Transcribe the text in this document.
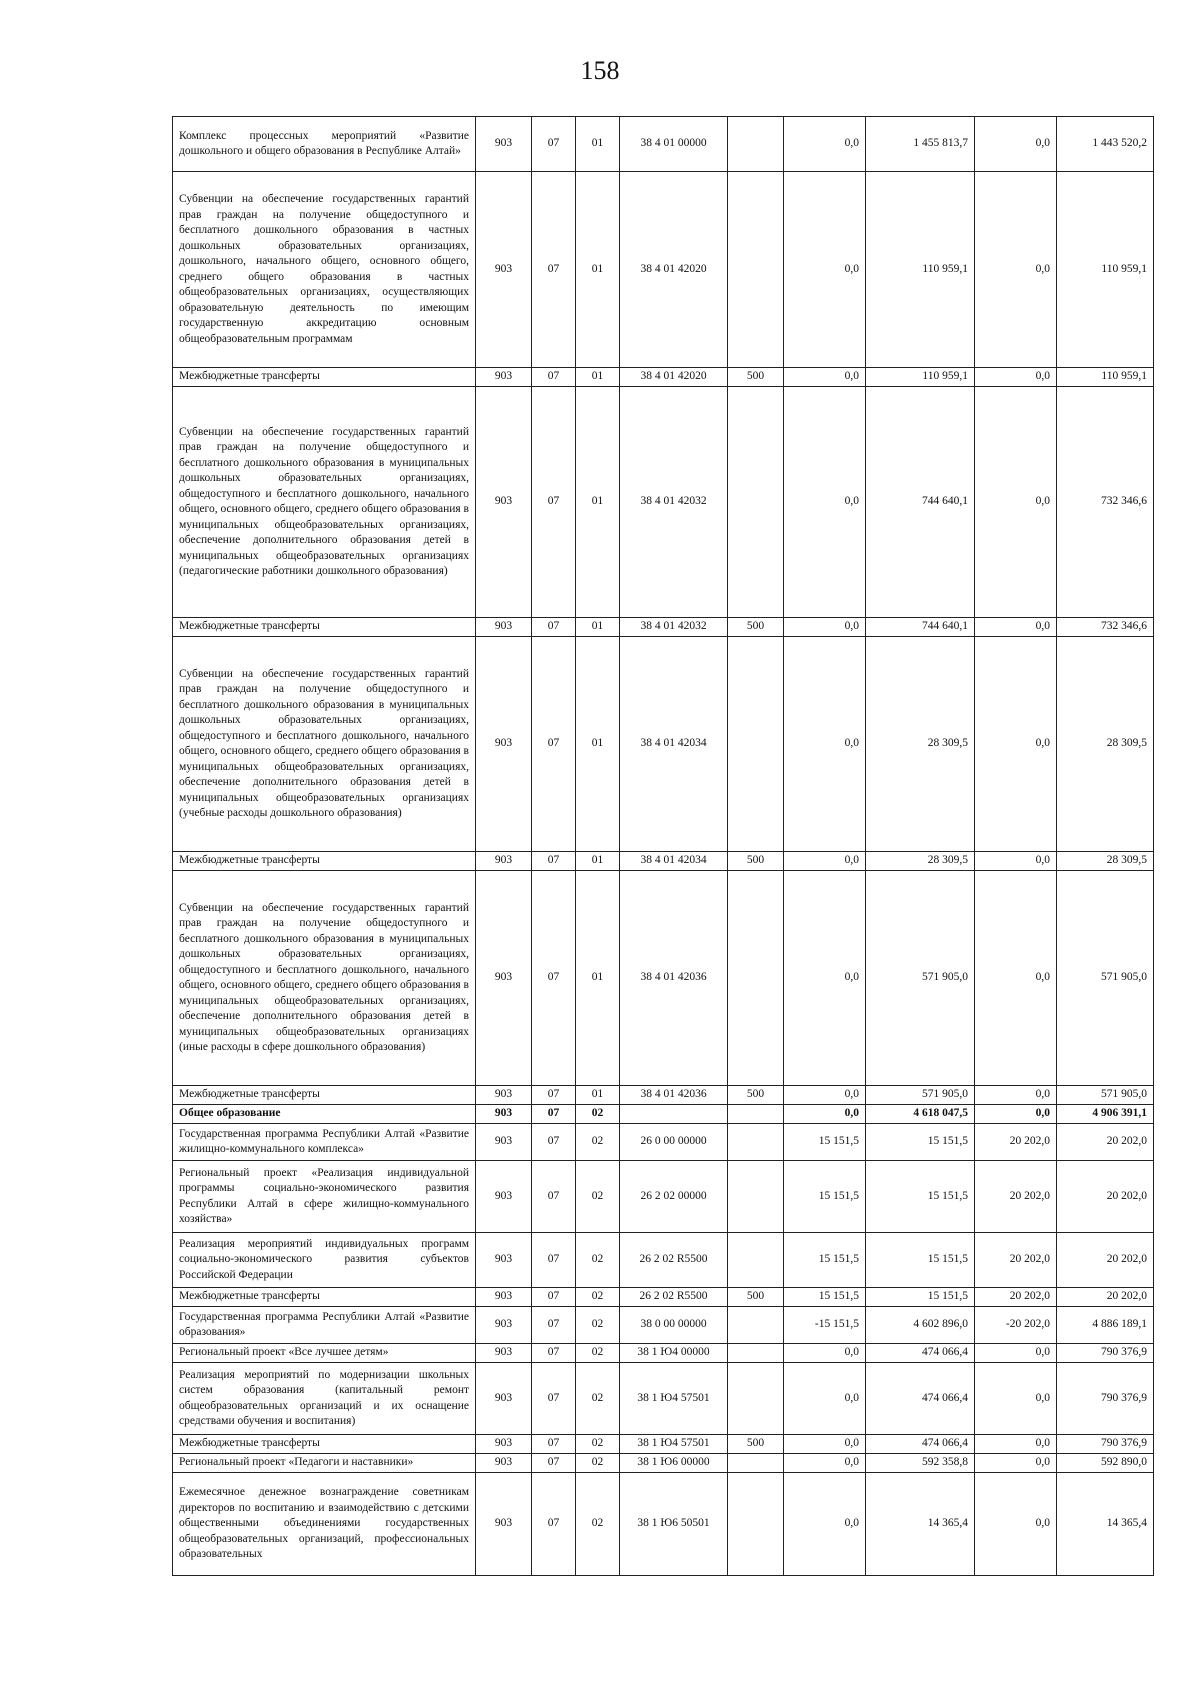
158
Комплекс процессных мероприятий «Развитие дошкольного и общего образования в Республике Алтай»	903	07	01	38 4 01 00000		0,0	1 455 813,7	0,0	1 443 520,2
Субвенции на обеспечение государственных гарантий прав граждан на получение общедоступного и бесплатного дошкольного образования в частных дошкольных образовательных организациях, дошкольного, начального общего, основного общего, среднего общего образования в частных общеобразовательных организациях, осуществляющих образовательную деятельность по имеющим государственную аккредитацию основным общеобразовательным программам	903	07	01	38 4 01 42020		0,0	110 959,1	0,0	110 959,1
Межбюджетные трансферты	903	07	01	38 4 01 42020	500	0,0	110 959,1	0,0	110 959,1
Субвенции на обеспечение государственных гарантий прав граждан на получение общедоступного и бесплатного дошкольного образования в муниципальных дошкольных образовательных организациях, общедоступного и бесплатного дошкольного, начального общего, основного общего, среднего общего образования в муниципальных общеобразовательных организациях, обеспечение дополнительного образования детей в муниципальных общеобразовательных организациях (педагогические работники дошкольного образования)	903	07	01	38 4 01 42032		0,0	744 640,1	0,0	732 346,6
Межбюджетные трансферты	903	07	01	38 4 01 42032	500	0,0	744 640,1	0,0	732 346,6
Субвенции на обеспечение государственных гарантий прав граждан на получение общедоступного и бесплатного дошкольного образования в муниципальных дошкольных образовательных организациях, общедоступного и бесплатного дошкольного, начального общего, основного общего, среднего общего образования в муниципальных общеобразовательных организациях, обеспечение дополнительного образования детей в муниципальных общеобразовательных организациях (учебные расходы дошкольного образования)	903	07	01	38 4 01 42034		0,0	28 309,5	0,0	28 309,5
Межбюджетные трансферты	903	07	01	38 4 01 42034	500	0,0	28 309,5	0,0	28 309,5
Субвенции на обеспечение государственных гарантий прав граждан на получение общедоступного и бесплатного дошкольного образования в муниципальных дошкольных образовательных организациях, общедоступного и бесплатного дошкольного, начального общего, основного общего, среднего общего образования в муниципальных общеобразовательных организациях, обеспечение дополнительного образования детей в муниципальных общеобразовательных организациях (иные расходы в сфере дошкольного образования)	903	07	01	38 4 01 42036		0,0	571 905,0	0,0	571 905,0
Межбюджетные трансферты	903	07	01	38 4 01 42036	500	0,0	571 905,0	0,0	571 905,0
Общее образование	903	07	02			0,0	4 618 047,5	0,0	4 906 391,1
Государственная программа Республики Алтай «Развитие жилищно-коммунального комплекса»	903	07	02	26 0 00 00000		15 151,5	15 151,5	20 202,0	20 202,0
Региональный проект «Реализация индивидуальной программы социально-экономического развития Республики Алтай в сфере жилищно-коммунального хозяйства»	903	07	02	26 2 02 00000		15 151,5	15 151,5	20 202,0	20 202,0
Реализация мероприятий индивидуальных программ социально-экономического развития субъектов Российской Федерации	903	07	02	26 2 02 R5500		15 151,5	15 151,5	20 202,0	20 202,0
Межбюджетные трансферты	903	07	02	26 2 02 R5500	500	15 151,5	15 151,5	20 202,0	20 202,0
Государственная программа Республики Алтай «Развитие образования»	903	07	02	38 0 00 00000		-15 151,5	4 602 896,0	-20 202,0	4 886 189,1
Региональный проект «Все лучшее детям»	903	07	02	38 1 Ю4 00000		0,0	474 066,4	0,0	790 376,9
Реализация мероприятий по модернизации школьных систем образования (капитальный ремонт общеобразовательных организаций и их оснащение средствами обучения и воспитания)	903	07	02	38 1 Ю4 57501		0,0	474 066,4	0,0	790 376,9
Межбюджетные трансферты	903	07	02	38 1 Ю4 57501	500	0,0	474 066,4	0,0	790 376,9
Региональный проект «Педагоги и наставники»	903	07	02	38 1 Ю6 00000		0,0	592 358,8	0,0	592 890,0
Ежемесячное денежное вознаграждение советникам директоров по воспитанию и взаимодействию с детскими общественными объединениями государственных общеобразовательных организаций, профессиональных образовательных	903	07	02	38 1 Ю6 50501		0,0	14 365,4	0,0	14 365,4
